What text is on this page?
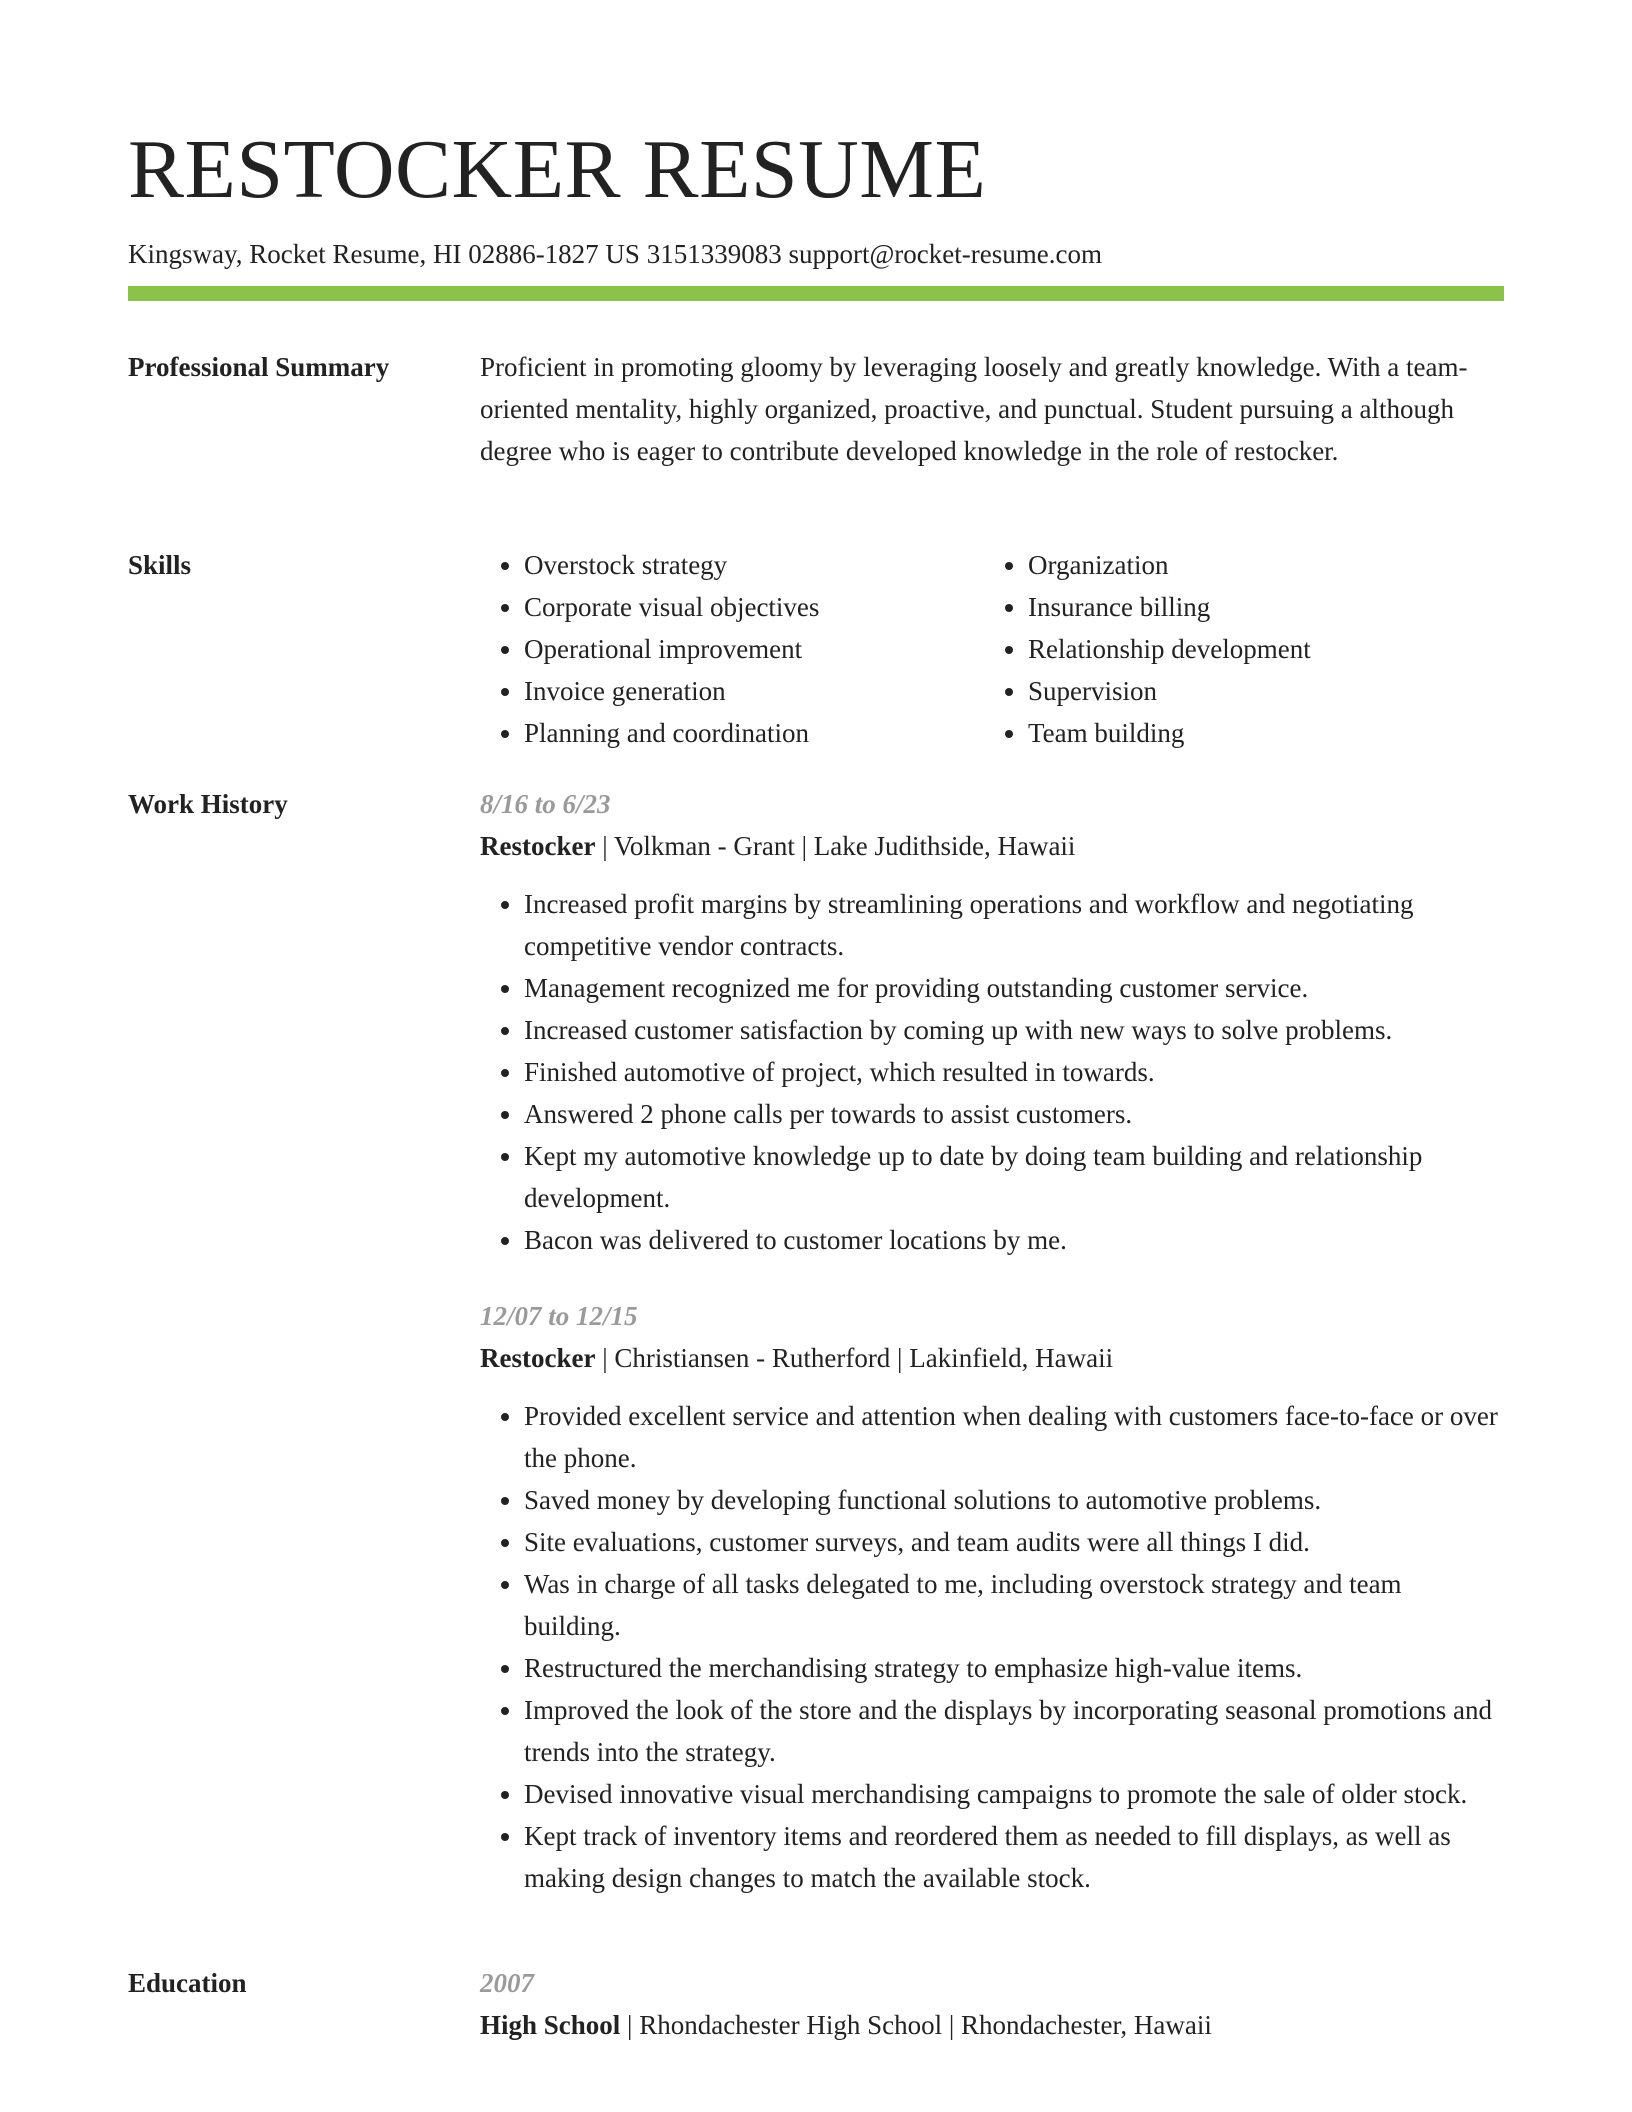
RESTOCKER RESUME
Kingsway, Rocket Resume, HI 02886-1827 US 3151339083 support@rocket-resume.com
Professional Summary	Proficient in promoting gloomy by leveraging loosely and greatly knowledge. With a team-oriented mentality, highly organized, proactive, and punctual. Student pursuing a although degree who is eager to contribute developed knowledge in the role of restocker.
Skills
•	Overstock strategy
• Corporate visual objectives
• Operational improvement
• Invoice generation
• Planning and coordination
• Organization
• Insurance billing
• Relationship development
• Supervision
• Team building
Work History	8/16 to 6/23
Restocker | Volkman - Grant | Lake Judithside, Hawaii
• Increased profit margins by streamlining operations and workflow and negotiating competitive vendor contracts.
• Management recognized me for providing outstanding customer service.
• Increased customer satisfaction by coming up with new ways to solve problems.
• Finished automotive of project, which resulted in towards.
• Answered 2 phone calls per towards to assist customers.
• Kept my automotive knowledge up to date by doing team building and relationship development.
• Bacon was delivered to customer locations by me.
12/07 to 12/15
Restocker | Christiansen - Rutherford | Lakinfield, Hawaii
• Provided excellent service and attention when dealing with customers face-to-face or over the phone.
• Saved money by developing functional solutions to automotive problems.
• Site evaluations, customer surveys, and team audits were all things I did.
• Was in charge of all tasks delegated to me, including overstock strategy and team building.
• Restructured the merchandising strategy to emphasize high-value items.
• Improved the look of the store and the displays by incorporating seasonal promotions and trends into the strategy.
• Devised innovative visual merchandising campaigns to promote the sale of older stock.
• Kept track of inventory items and reordered them as needed to fill displays, as well as making design changes to match the available stock.
Education	2007
High School | Rhondachester High School | Rhondachester, Hawaii
